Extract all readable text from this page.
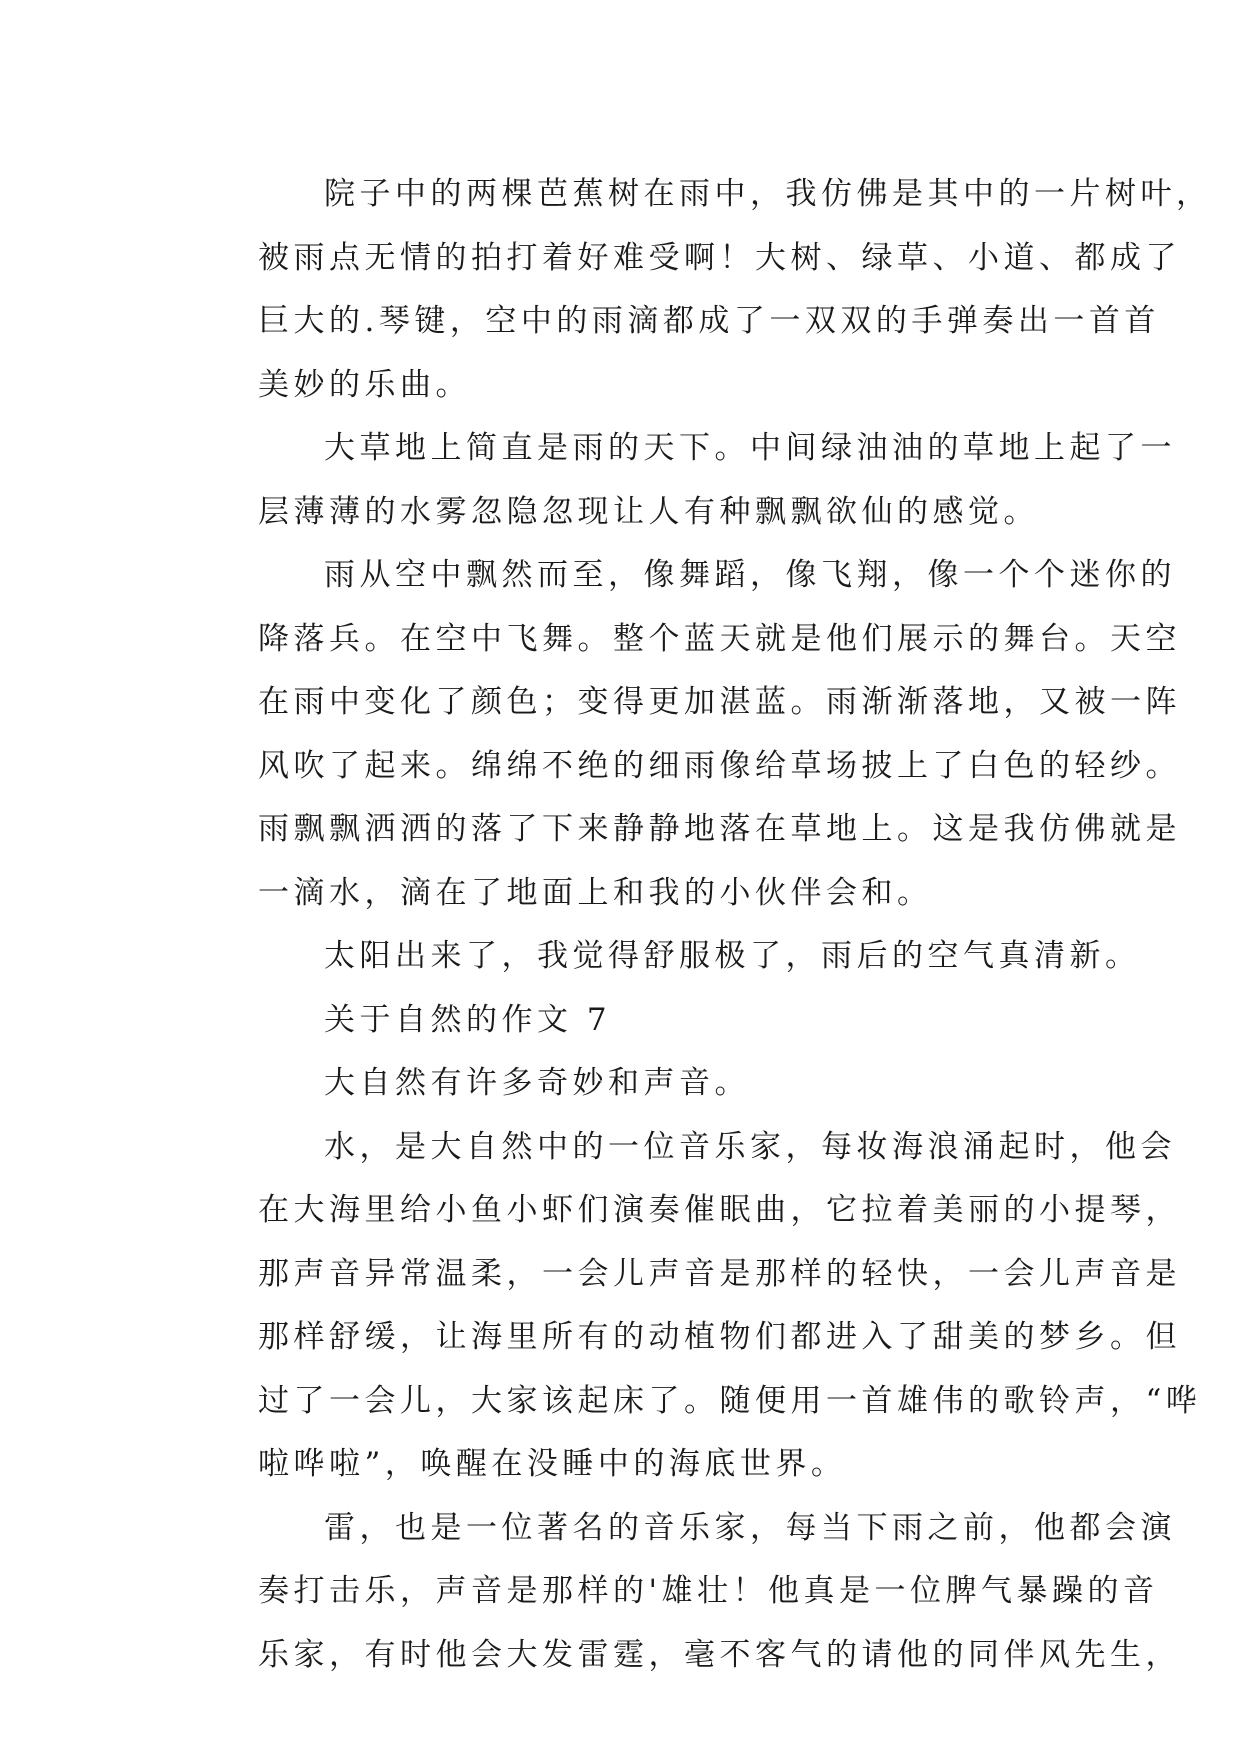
院子中的两棵芭蕉树在雨中，我仿佛是其中的一片树叶，
被雨点无情的拍打着好难受啊！大树、绿草、小道、都成了
巨大的.琴键，空中的雨滴都成了一双双的手弹奏出一首首
美妙的乐曲。

大草地上简直是雨的天下。中间绿油油的草地上起了一
层薄薄的水雾忽隐忽现让人有种飘飘欲仙的感觉。

雨从空中飘然而至，像舞蹈，像飞翔，像一个个迷你的
降落兵。在空中飞舞。整个蓝天就是他们展示的舞台。天空
在雨中变化了颜色；变得更加湛蓝。雨渐渐落地，又被一阵
风吹了起来。绵绵不绝的细雨像给草场披上了白色的轻纱。
雨飘飘洒洒的落了下来静静地落在草地上。这是我仿佛就是
一滴水，滴在了地面上和我的小伙伴会和。

太阳出来了，我觉得舒服极了，雨后的空气真清新。

关于自然的作文 7

大自然有许多奇妙和声音。

水，是大自然中的一位音乐家，每妆海浪涌起时，他会
在大海里给小鱼小虾们演奏催眠曲，它拉着美丽的小提琴，
那声音异常温柔，一会儿声音是那样的轻快，一会儿声音是
那样舒缓，让海里所有的动植物们都进入了甜美的梦乡。但
过了一会儿，大家该起床了。随便用一首雄伟的歌铃声，“哗
啦哗啦”，唤醒在没睡中的海底世界。

雷，也是一位著名的音乐家，每当下雨之前，他都会演
奏打击乐，声音是那样的'雄壮！他真是一位脾气暴躁的音
乐家，有时他会大发雷霆，毫不客气的请他的同伴风先生，
